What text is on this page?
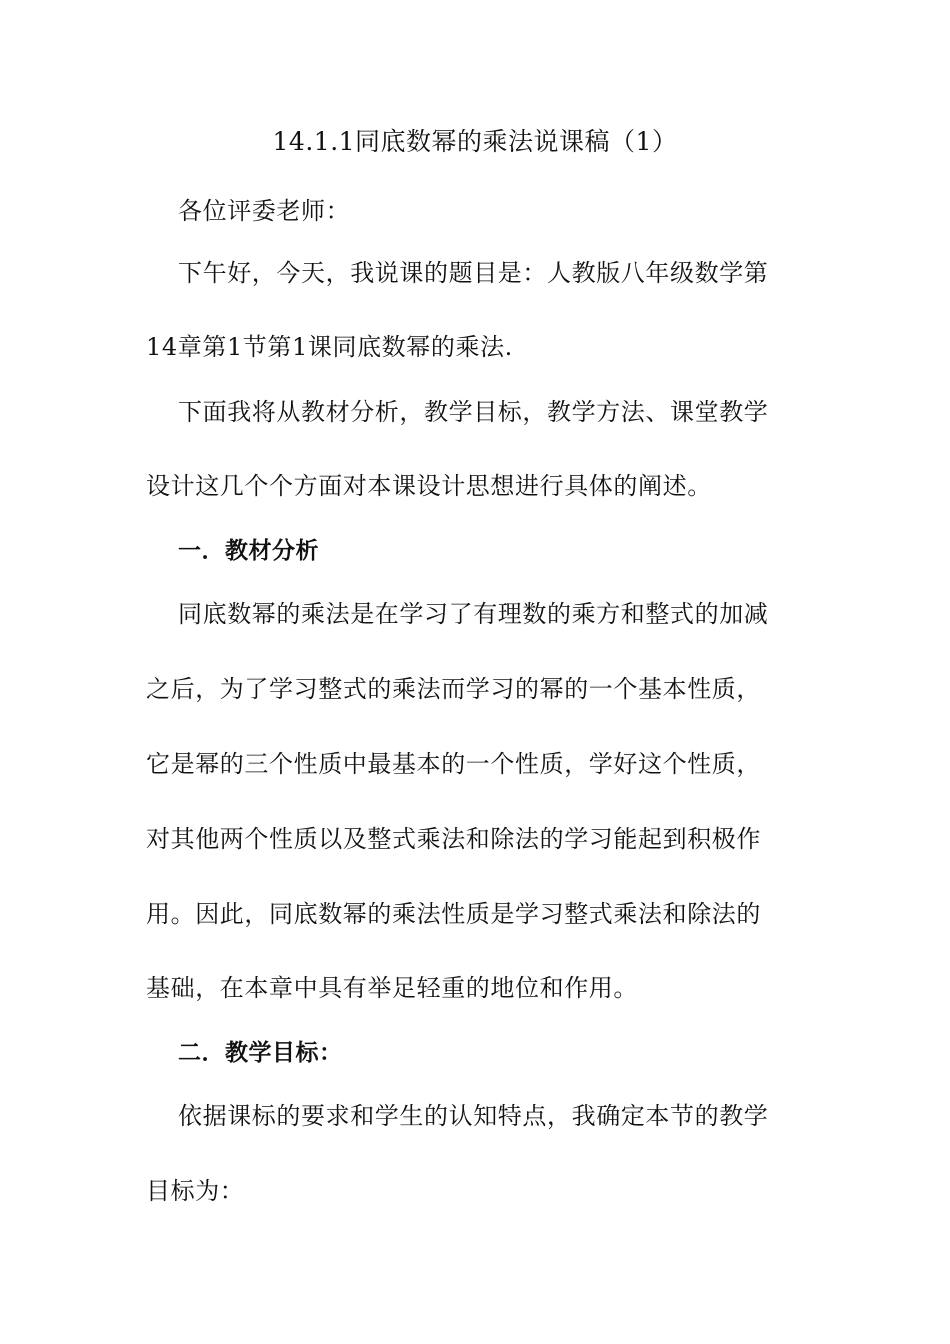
14.1.1同底数幂的乘法说课稿（1）
各位评委老师：
下午好，今天，我说课的题目是：人教版八年级数学第
14章第1节第1课同底数幂的乘法.
下面我将从教材分析，教学目标，教学方法、课堂教学
设计这几个个方面对本课设计思想进行具体的阐述。
一．教材分析
同底数幂的乘法是在学习了有理数的乘方和整式的加减
之后，为了学习整式的乘法而学习的幂的一个基本性质，
它是幂的三个性质中最基本的一个性质，学好这个性质，
对其他两个性质以及整式乘法和除法的学习能起到积极作
用。因此，同底数幂的乘法性质是学习整式乘法和除法的
基础，在本章中具有举足轻重的地位和作用。
二．教学目标：
依据课标的要求和学生的认知特点，我确定本节的教学
目标为：
